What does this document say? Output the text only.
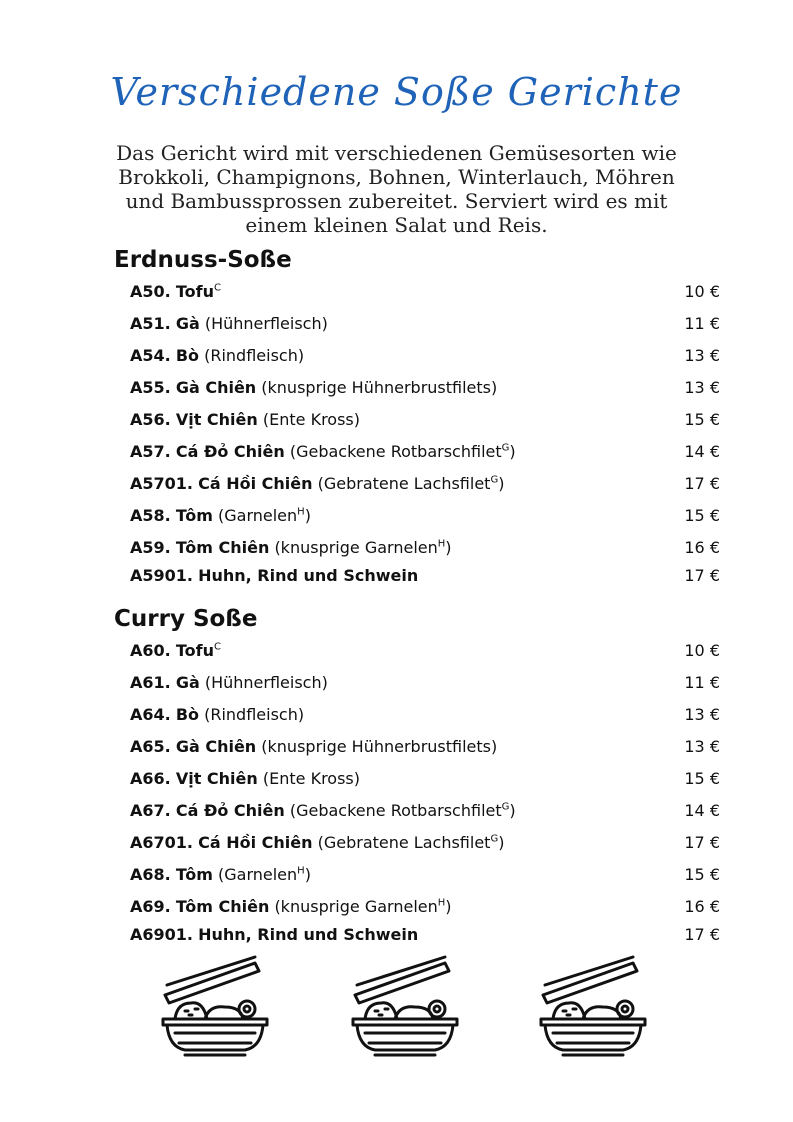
Verschiedene Soße Gerichte
Das Gericht wird mit verschiedenen Gemüsesorten wie Brokkoli, Champignons, Bohnen, Winterlauch, Möhren und Bambussprossen zubereitet. Serviert wird es mit einem kleinen Salat und Reis.
Erdnuss-Soße
A50. Tofu$^C$	10 €
A51. Gà (Hühnerfleisch)	11 €
A54. Bò (Rindfleisch)	13 €
A55. Gà Chiên (knusprige Hühnerbrustfilets)	13 €
A56. Vịt Chiên (Ente Kross)	15 €
A57. Cá Đỏ Chiên (Gebackene Rotbarschfilet$^G$)	14 €
A5701. Cá Hồi Chiên (Gebratene Lachsfilet$^G$)	17 €
A58. Tôm (Garnelen$^H$)	15 €
A59. Tôm Chiên (knusprige Garnelen$^H$)	16 €
A5901. Huhn, Rind und Schwein	17 €
Curry Soße
A60. Tofu$^C$	10 €
A61. Gà (Hühnerfleisch)	11 €
A64. Bò (Rindfleisch)	13 €
A65. Gà Chiên (knusprige Hühnerbrustfilets)	13 €
A66. Vịt Chiên (Ente Kross)	15 €
A67. Cá Đỏ Chiên (Gebackene Rotbarschfilet$^G$)	14 €
A6701. Cá Hồi Chiên (Gebratene Lachsfilet$^G$)	17 €
A68. Tôm (Garnelen$^H$)	15 €
A69. Tôm Chiên (knusprige Garnelen$^H$)	16 €
A6901. Huhn, Rind und Schwein	17 €
